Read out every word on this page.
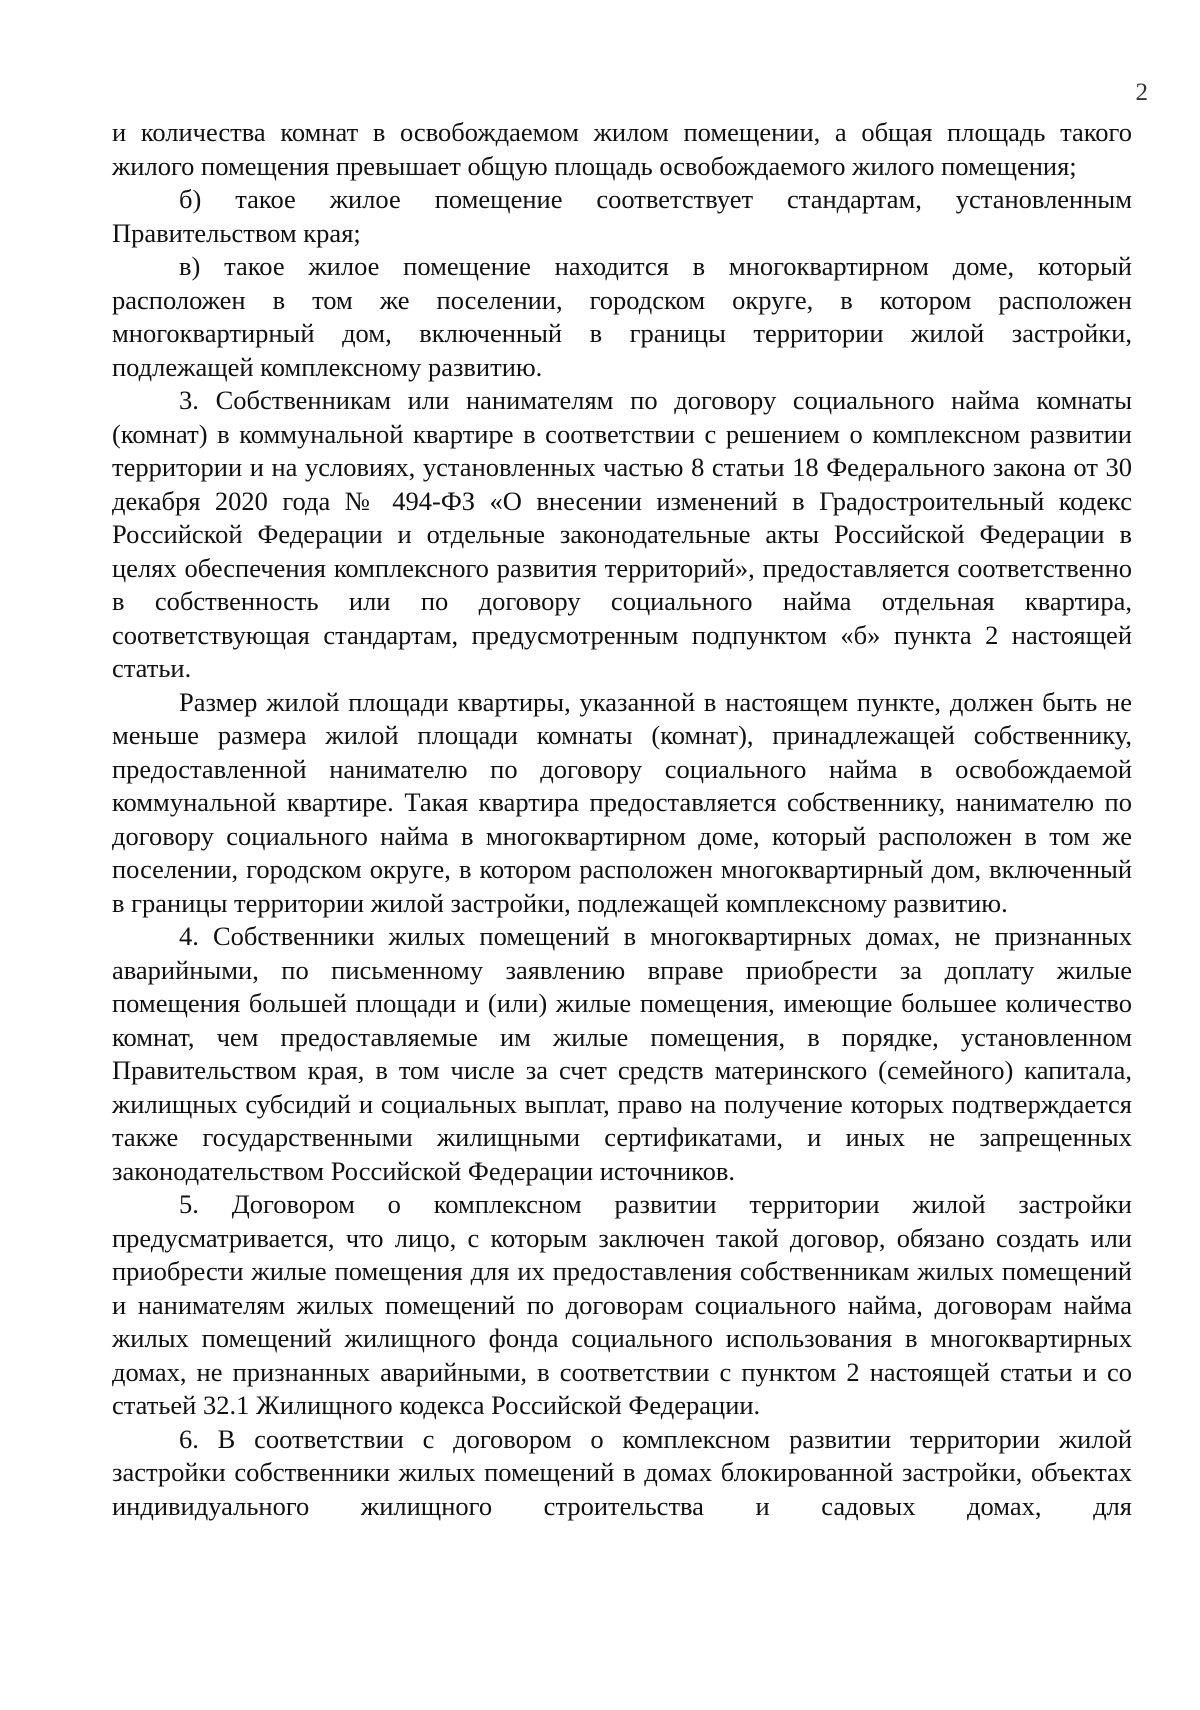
2

и количества комнат в освобождаемом жилом помещении, а общая площадь такого жилого помещения превышает общую площадь освобождаемого жилого помещения;

б) такое жилое помещение соответствует стандартам, установленным Правительством края;

в) такое жилое помещение находится в многоквартирном доме, который расположен в том же поселении, городском округе, в котором расположен многоквартирный дом, включенный в границы территории жилой застройки, подлежащей комплексному развитию.

3. Собственникам или нанимателям по договору социального найма комнаты (комнат) в коммунальной квартире в соответствии с решением о комплексном развитии территории и на условиях, установленных частью 8 статьи 18 Федерального закона от 30 декабря 2020 года № 494-ФЗ «О внесении изменений в Градостроительный кодекс Российской Федерации и отдельные законодательные акты Российской Федерации в целях обеспечения комплексного развития территорий», предоставляется соответственно в собственность или по договору социального найма отдельная квартира, соответствующая стандартам, предусмотренным подпунктом «б» пункта 2 настоящей статьи.

Размер жилой площади квартиры, указанной в настоящем пункте, должен быть не меньше размера жилой площади комнаты (комнат), принадлежащей собственнику, предоставленной нанимателю по договору социального найма в освобождаемой коммунальной квартире. Такая квартира предоставляется собственнику, нанимателю по договору социального найма в многоквартирном доме, который расположен в том же поселении, городском округе, в котором расположен многоквартирный дом, включенный в границы территории жилой застройки, подлежащей комплексному развитию.

4. Собственники жилых помещений в многоквартирных домах, не признанных аварийными, по письменному заявлению вправе приобрести за доплату жилые помещения большей площади и (или) жилые помещения, имеющие большее количество комнат, чем предоставляемые им жилые помещения, в порядке, установленном Правительством края, в том числе за счет средств материнского (семейного) капитала, жилищных субсидий и социальных выплат, право на получение которых подтверждается также государственными жилищными сертификатами, и иных не запрещенных законодательством Российской Федерации источников.

5. Договором о комплексном развитии территории жилой застройки предусматривается, что лицо, с которым заключен такой договор, обязано создать или приобрести жилые помещения для их предоставления собственникам жилых помещений и нанимателям жилых помещений по договорам социального найма, договорам найма жилых помещений жилищного фонда социального использования в многоквартирных домах, не признанных аварийными, в соответствии с пунктом 2 настоящей статьи и со статьей 32.1 Жилищного кодекса Российской Федерации.

6. В соответствии с договором о комплексном развитии территории жилой застройки собственники жилых помещений в домах блокированной застройки, объектах индивидуального жилищного строительства и садовых домах, для
